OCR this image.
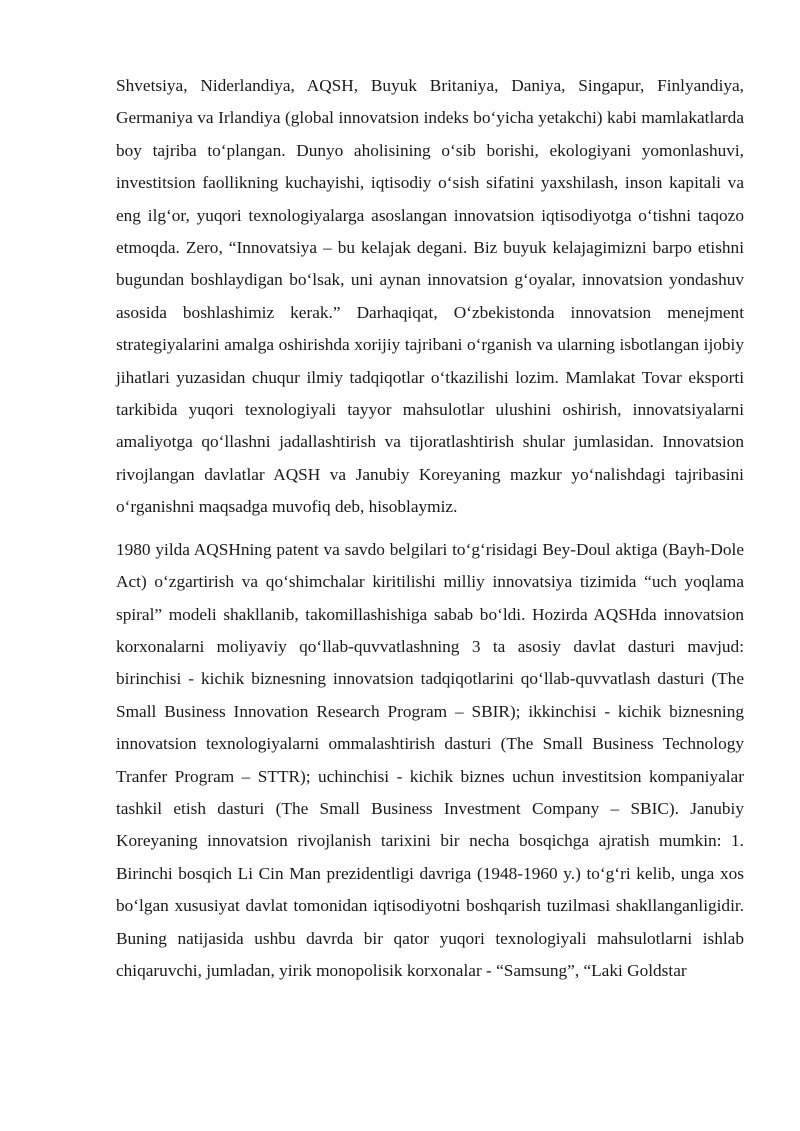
Shvetsiya, Niderlandiya, AQSH, Buyuk Britaniya, Daniya, Singapur, Finlyandiya, Germaniya va Irlandiya (global innovatsion indeks bo‘yicha yetakchi) kabi mamlakatlarda boy tajriba to‘plangan. Dunyo aholisining o‘sib borishi, ekologiyani yomonlashuvi, investitsion faollikning kuchayishi, iqtisodiy o‘sish sifatini yaxshilash, inson kapitali va eng ilg‘or, yuqori texnologiyalarga asoslangan innovatsion iqtisodiyotga o‘tishni taqozo etmoqda. Zero, “Innovatsiya – bu kelajak degani. Biz buyuk kelajagimizni barpo etishni bugundan boshlaydigan bo‘lsak, uni aynan innovatsion g‘oyalar, innovatsion yondashuv asosida boshlashimiz kerak.” Darhaqiqat, O‘zbekistonda innovatsion menejment strategiyalarini amalga oshirishda xorijiy tajribani o‘rganish va ularning isbotlangan ijobiy jihatlari yuzasidan chuqur ilmiy tadqiqotlar o‘tkazilishi lozim. Mamlakat Tovar eksporti tarkibida yuqori texnologiyali tayyor mahsulotlar ulushini oshirish, innovatsiyalarni amaliyotga qo‘llashni jadallashtirish va tijoratlashtirish shular jumlasidan. Innovatsion rivojlangan davlatlar AQSH va Janubiy Koreyaning mazkur yo‘nalishdagi tajribasini o‘rganishni maqsadga muvofiq deb, hisoblaymiz.

1980 yilda AQSHning patent va savdo belgilari to‘g‘risidagi Bey-Doul aktiga (Bayh-Dole Act) o‘zgartirish va qo‘shimchalar kiritilishi milliy innovatsiya tizimida “uch yoqlama spiral” modeli shakllanib, takomillashishiga sabab bo‘ldi. Hozirda AQSHda innovatsion korxonalarni moliyaviy qo‘llab-quvvatlashning 3 ta asosiy davlat dasturi mavjud: birinchisi - kichik biznesning innovatsion tadqiqotlarini qo‘llab-quvvatlash dasturi (The Small Business Innovation Research Program – SBIR); ikkinchisi - kichik biznesning innovatsion texnologiyalarni ommalashtirish dasturi (The Small Business Technology Tranfer Program – STTR); uchinchisi - kichik biznes uchun investitsion kompaniyalar tashkil etish dasturi (The Small Business Investment Company – SBIC). Janubiy Koreyaning innovatsion rivojlanish tarixini bir necha bosqichga ajratish mumkin: 1. Birinchi bosqich Li Cin Man prezidentligi davriga (1948-1960 y.) to‘g‘ri kelib, unga xos bo‘lgan xususiyat davlat tomonidan iqtisodiyotni boshqarish tuzilmasi shakllanganligidir. Buning natijasida ushbu davrda bir qator yuqori texnologiyali mahsulotlarni ishlab chiqaruvchi, jumladan, yirik monopolisik korxonalar - “Samsung”, “Laki Goldstar
